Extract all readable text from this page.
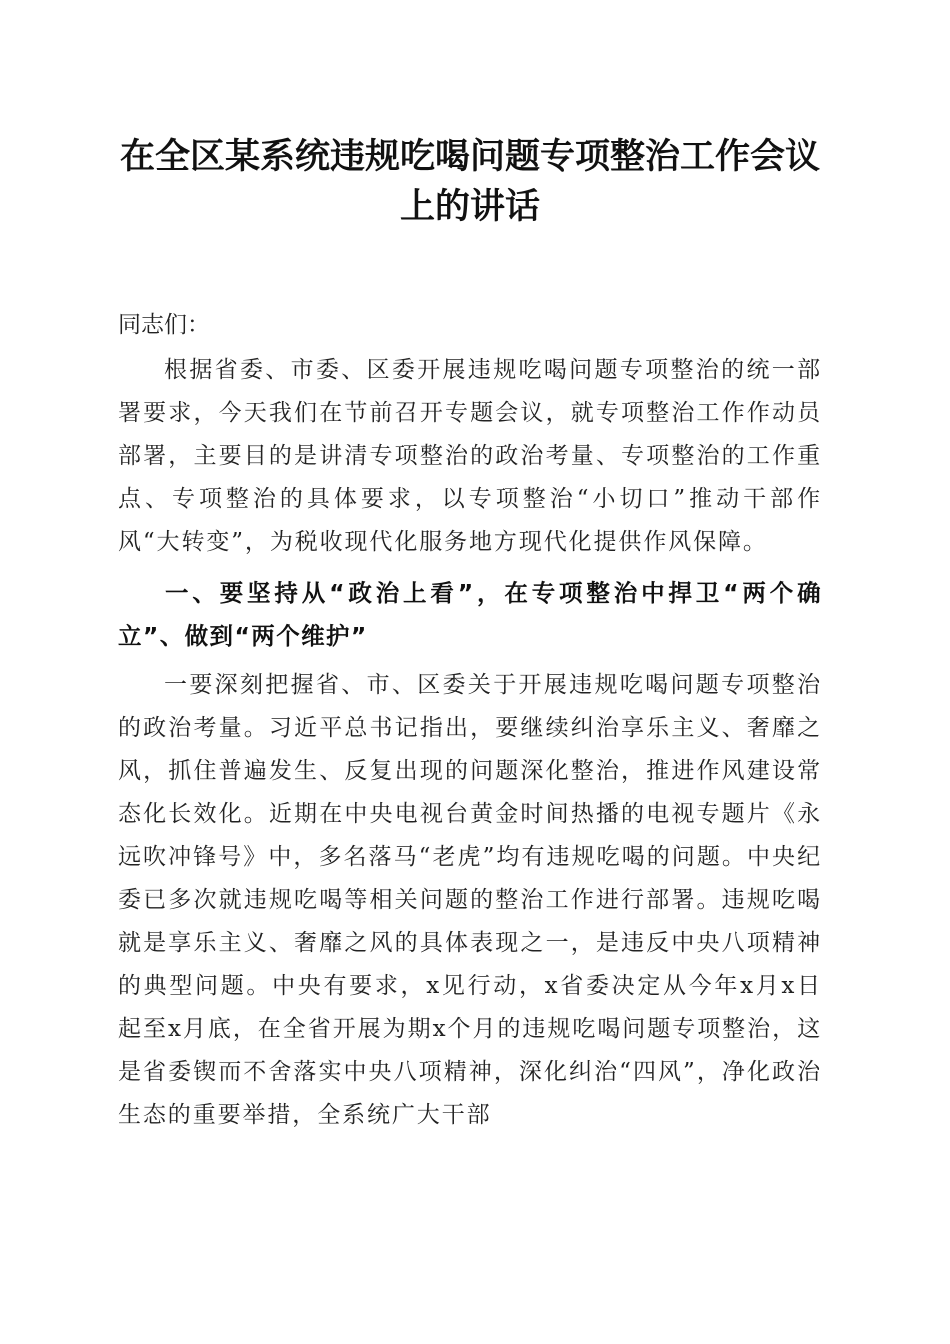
在全区某系统违规吃喝问题专项整治工作会议
上的讲话

同志们：

根据省委、市委、区委开展违规吃喝问题专项整治的统一部署要求，今天我们在节前召开专题会议，就专项整治工作作动员部署，主要目的是讲清专项整治的政治考量、专项整治的工作重点、专项整治的具体要求，以专项整治“小切口”推动干部作风“大转变”，为税收现代化服务地方现代化提供作风保障。

一、要坚持从“政治上看”，在专项整治中捍卫“两个确立”、做到“两个维护”

一要深刻把握省、市、区委关于开展违规吃喝问题专项整治的政治考量。习近平总书记指出，要继续纠治享乐主义、奢靡之风，抓住普遍发生、反复出现的问题深化整治，推进作风建设常态化长效化。近期在中央电视台黄金时间热播的电视专题片《永远吹冲锋号》中，多名落马“老虎”均有违规吃喝的问题。中央纪委已多次就违规吃喝等相关问题的整治工作进行部署。违规吃喝就是享乐主义、奢靡之风的具体表现之一，是违反中央八项精神的典型问题。中央有要求，x见行动，x省委决定从今年x月x日起至x月底，在全省开展为期x个月的违规吃喝问题专项整治，这是省委锲而不舍落实中央八项精神，深化纠治“四风”，净化政治生态的重要举措，全系统广大干部
